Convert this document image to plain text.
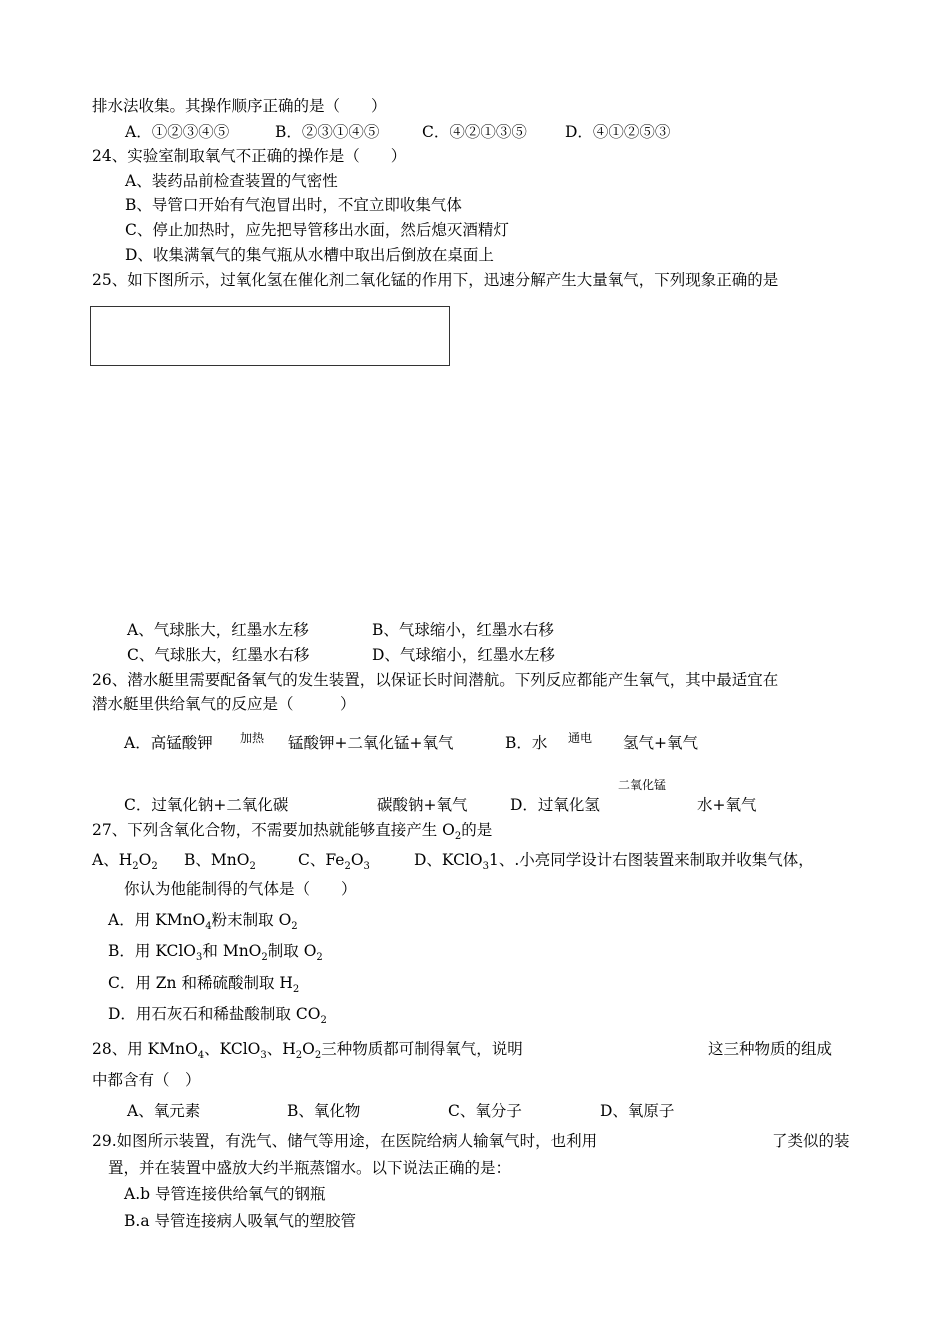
排水法收集。其操作顺序正确的是（　　）
A．①②③④⑤	B．②③①④⑤	C．④②①③⑤ D．④①②⑤③
24、实验室制取氧气不正确的操作是（　　）
A、装药品前检查装置的气密性
B、导管口开始有气泡冒出时，不宜立即收集气体
C、停止加热时，应先把导管移出水面，然后熄灭酒精灯
D、收集满氧气的集气瓶从水槽中取出后倒放在桌面上
25、如下图所示，过氧化氢在催化剂二氧化锰的作用下，迅速分解产生大量氧气，下列现象正确的是
A、气球胀大，红墨水左移	B、气球缩小，红墨水右移
C、气球胀大，红墨水右移	D、气球缩小，红墨水左移
26、潜水艇里需要配备氧气的发生装置，以保证长时间潜航。下列反应都能产生氧气，其中最适宜在
潜水艇里供给氧气的反应是（　　　）
A．高锰酸钾 加热 锰酸钾+二氧化锰+氧气	B．水 通电 氢气+氧气
二氧化锰
C．过氧化钠+二氧化碳	碳酸钠+氧气	D．过氧化氢	水+氧气
27、下列含氧化合物，不需要加热就能够直接产生 $O_2$的是
A、$H_2O_2$ B、MnO$_2$	C、$Fe_2O_3$	D、KClO$_3$1、.小亮同学设计右图装置来制取并收集气体，
你认为他能制得的气体是（　　）
A．用 KMnO$_4$粉末制取 $O_2$
B．用 KClO$_3$和 MnO$_2$制取 $O_2$
C．用 Zn 和稀硫酸制取 $H_2$
D．用石灰石和稀盐酸制取 $CO_2$
28、用 KMnO$_4$、KClO$_3$、$H_2O_2$三种物质都可制得氧气，说明	这三种物质的组成
中都含有（　）
A、氧元素	B、氧化物	C、氧分子	D、氧原子
29.如图所示装置，有洗气、储气等用途，在医院给病人输氧气时，也利用	了类似的装
置，并在装置中盛放大约半瓶蒸馏水。以下说法正确的是：
A.b 导管连接供给氧气的钢瓶
B.a 导管连接病人吸氧气的塑胶管
